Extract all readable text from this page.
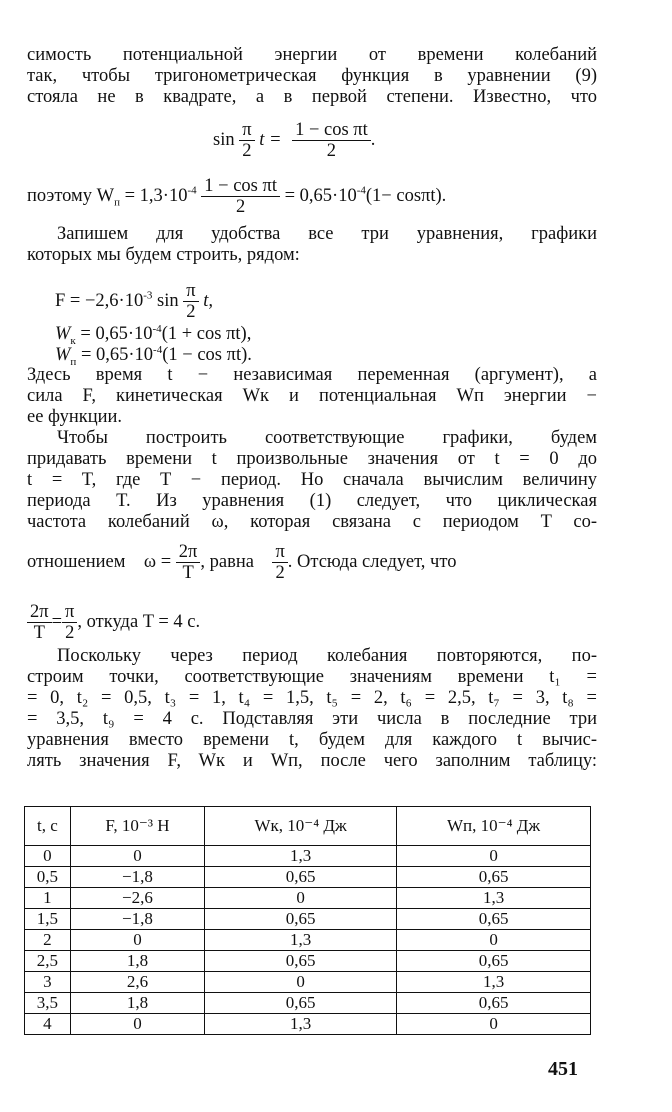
симость потенциальной энергии от времени колебаний
так, чтобы тригонометрическая функция в уравнении (9)
стояла не в квадрате, а в первой степени. Известно, что
$\sin \frac{\pi}{2}$ $t = \frac{\text{1 − cos πt}}{2}$ .
поэтому $W_п = 1,3\cdot 10^{-4} \frac{\text{1 − cos πt}}{2} = 0,65\cdot 10^{-4}(1- \cos\pi t)$.
Запишем для удобства все три уравнения, графики
которых мы будем строить, рядом:
$F = -2,6\cdot 10^{-3}$ $\sin \frac{\pi}{2} t$,
$W_к = 0,65\cdot 10^{-4}(1 + \cos \pi t)$,
$W_п = 0,65\cdot 10^{-4}(1 - \cos \pi t)$.
Здесь время t − независимая переменная (аргумент), а
сила F, кинетическая Wк и потенциальная Wп энергии −
ее функции.
Чтобы построить соответствующие графики, будем
придавать времени t произвольные значения от t = 0 до
t = T, где T − период. Но сначала вычислим величину
периода T. Из уравнения (1) следует, что циклическая
частота колебаний ω, которая связана с периодом T со-
отношением $\omega = \frac{2\pi}{T}$ , равна $\frac{\pi}{2}$ . Отсюда следует, что
$\frac{2\pi}{T} = \frac{\pi}{2}$ , откуда T = 4 c.
Поскольку через период колебания повторяются, по-
строим точки, соответствующие значениям времени t₁ =
= 0, t₂ = 0,5, t₃ = 1, t₄ = 1,5, t₅ = 2, t₆ = 2,5, t₇ = 3, t₈ =
= 3,5, t₉ = 4 c. Подставляя эти числа в последние три
уравнения вместо времени t, будем для каждого t вычис-
лять значения F, Wк и Wп, после чего заполним таблицу:
t, c	F, 10⁻³ Н	Wк, 10⁻⁴ Дж	Wп, 10⁻⁴ Дж
0	0	1,3	0
0,5	−1,8	0,65	0,65
1	−2,6	0	1,3
1,5	−1,8	0,65	0,65
2	0	1,3	0
2,5	1,8	0,65	0,65
3	2,6	0	1,3
3,5	1,8	0,65	0,65
4	0	1,3	0
451
